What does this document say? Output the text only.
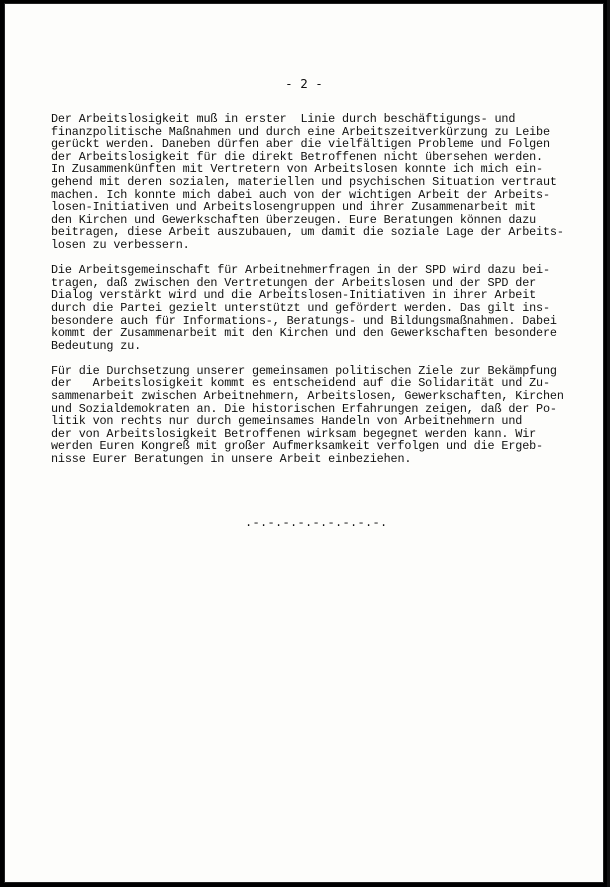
- 2 -
Der Arbeitslosigkeit muß in erster  Linie durch beschäftigungs- und
finanzpolitische Maßnahmen und durch eine Arbeitszeitverkürzung zu Leibe
gerückt werden. Daneben dürfen aber die vielfältigen Probleme und Folgen
der Arbeitslosigkeit für die direkt Betroffenen nicht übersehen werden.
In Zusammenkünften mit Vertretern von Arbeitslosen konnte ich mich ein-
gehend mit deren sozialen, materiellen und psychischen Situation vertraut
machen. Ich konnte mich dabei auch von der wichtigen Arbeit der Arbeits-
losen-Initiativen und Arbeitslosengruppen und ihrer Zusammenarbeit mit
den Kirchen und Gewerkschaften überzeugen. Eure Beratungen können dazu
beitragen, diese Arbeit auszubauen, um damit die soziale Lage der Arbeits-
losen zu verbessern.
Die Arbeitsgemeinschaft für Arbeitnehmerfragen in der SPD wird dazu bei-
tragen, daß zwischen den Vertretungen der Arbeitslosen und der SPD der
Dialog verstärkt wird und die Arbeitslosen-Initiativen in ihrer Arbeit
durch die Partei gezielt unterstützt und gefördert werden. Das gilt ins-
besondere auch für Informations-, Beratungs- und Bildungsmaßnahmen. Dabei
kommt der Zusammenarbeit mit den Kirchen und den Gewerkschaften besondere
Bedeutung zu.
Für die Durchsetzung unserer gemeinsamen politischen Ziele zur Bekämpfung
der   Arbeitslosigkeit kommt es entscheidend auf die Solidarität und Zu-
sammenarbeit zwischen Arbeitnehmern, Arbeitslosen, Gewerkschaften, Kirchen
und Sozialdemokraten an. Die historischen Erfahrungen zeigen, daß der Po-
litik von rechts nur durch gemeinsames Handeln von Arbeitnehmern und
der von Arbeitslosigkeit Betroffenen wirksam begegnet werden kann. Wir
werden Euren Kongreß mit großer Aufmerksamkeit verfolgen und die Ergeb-
nisse Eurer Beratungen in unsere Arbeit einbeziehen.
.-.-.-.-.-.-.-.-.-.
